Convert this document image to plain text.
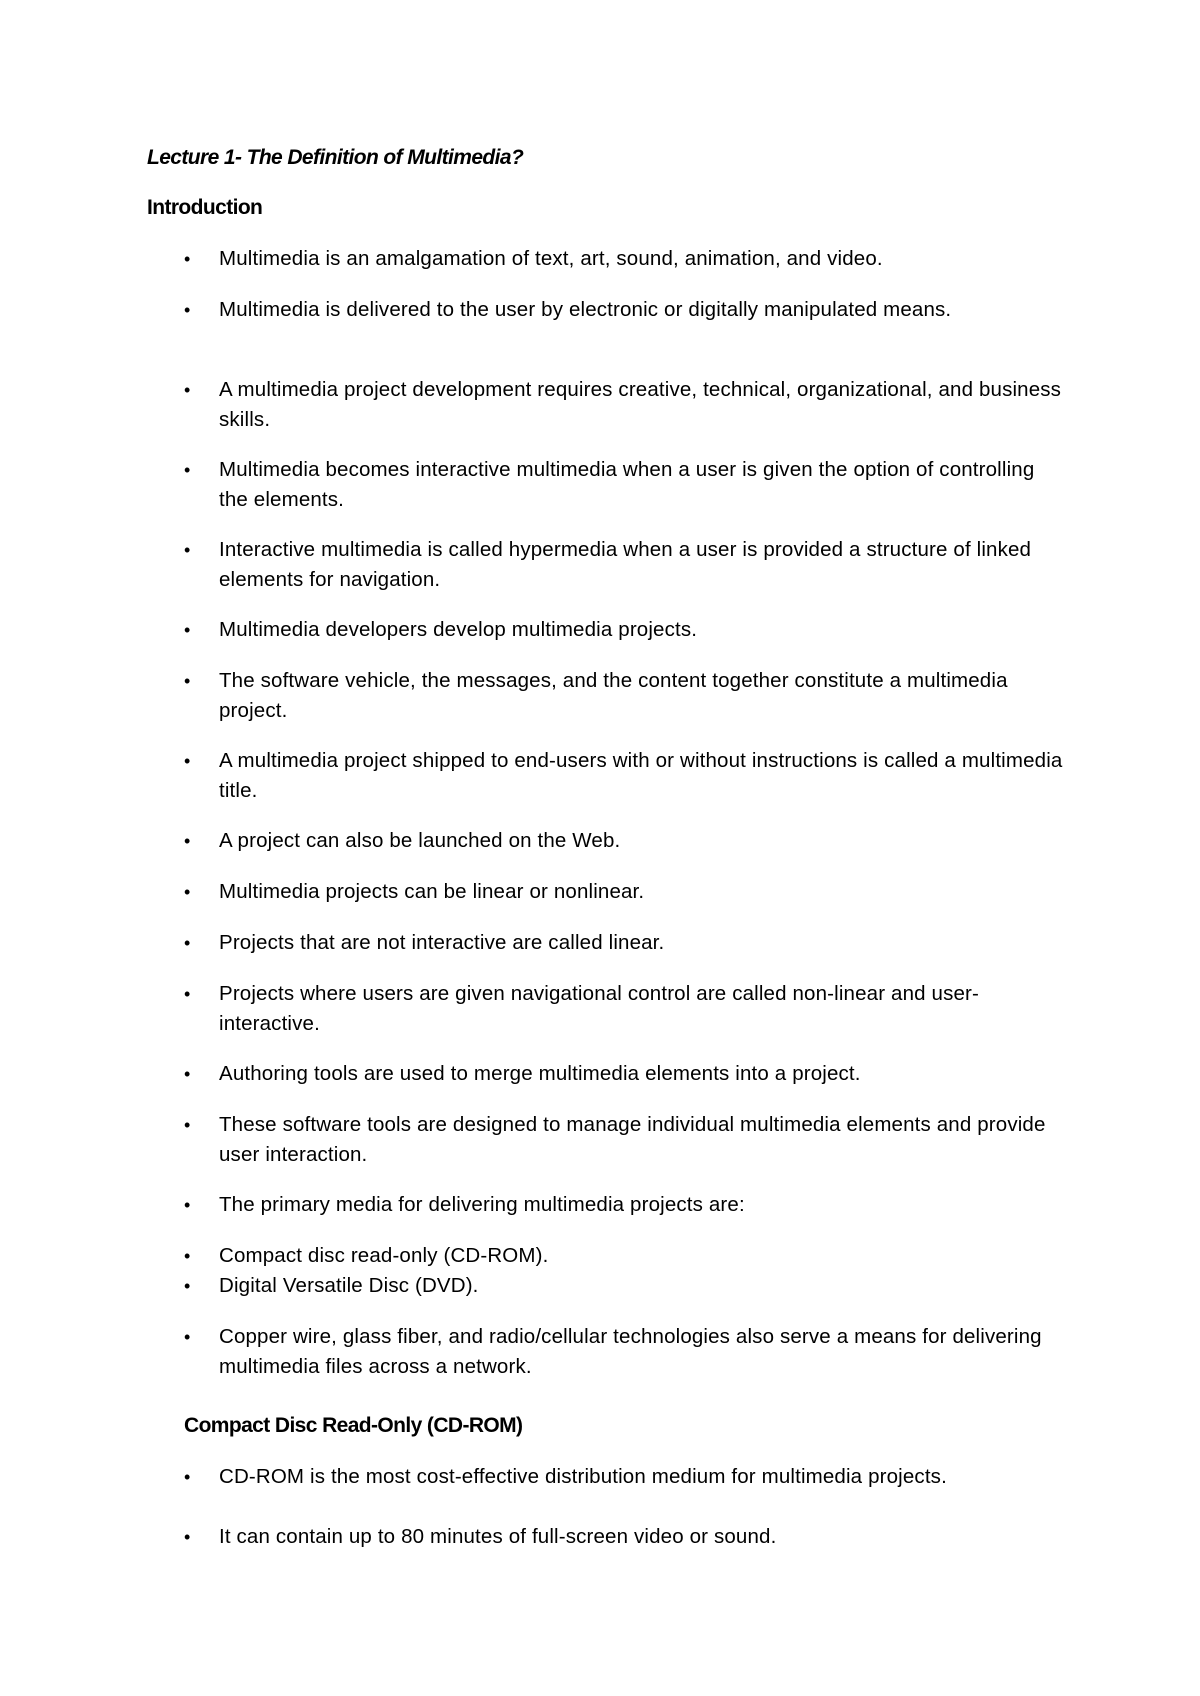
Lecture 1- The Definition of Multimedia?
Introduction
• Multimedia is an amalgamation of text, art, sound, animation, and video.
• Multimedia is delivered to the user by electronic or digitally manipulated means.
• A multimedia project development requires creative, technical, organizational, and business skills.
• Multimedia becomes interactive multimedia when a user is given the option of controlling the elements.
• Interactive multimedia is called hypermedia when a user is provided a structure of linked elements for navigation.
• Multimedia developers develop multimedia projects.
• The software vehicle, the messages, and the content together constitute a multimedia project.
• A multimedia project shipped to end-users with or without instructions is called a multimedia title.
• A project can also be launched on the Web.
• Multimedia projects can be linear or nonlinear.
• Projects that are not interactive are called linear.
• Projects where users are given navigational control are called non-linear and user-interactive.
• Authoring tools are used to merge multimedia elements into a project.
• These software tools are designed to manage individual multimedia elements and provide user interaction.
• The primary media for delivering multimedia projects are:
• Compact disc read-only (CD-ROM).
• Digital Versatile Disc (DVD).
• Copper wire, glass fiber, and radio/cellular technologies also serve a means for delivering multimedia files across a network.
Compact Disc Read-Only (CD-ROM)
• CD-ROM is the most cost-effective distribution medium for multimedia projects.
• It can contain up to 80 minutes of full-screen video or sound.
